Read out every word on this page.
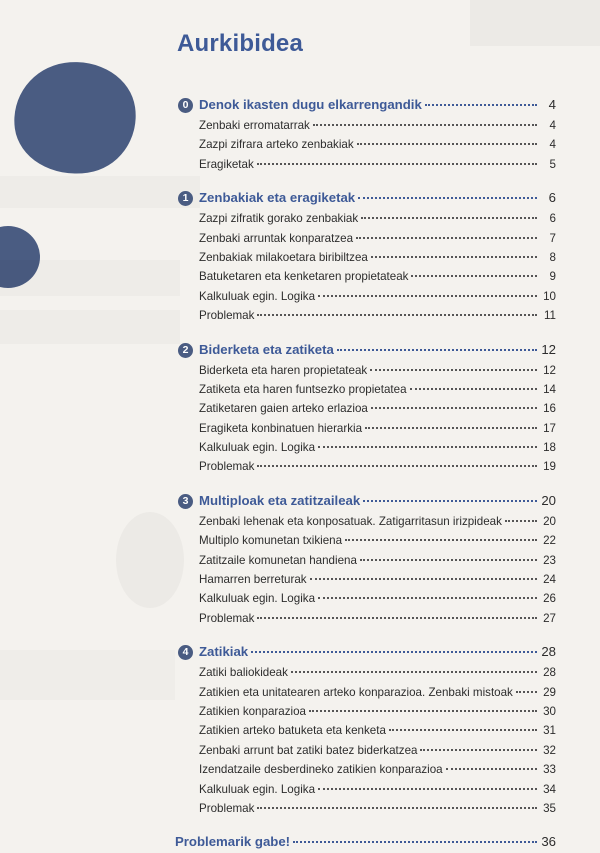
Aurkibidea
0 Denok ikasten dugu elkarrengandik	4
Zenbaki erromatarrak	4
Zazpi zifrara arteko zenbakiak	4
Eragiketak	5
1 Zenbakiak eta eragiketak	6
Zazpi zifratik gorako zenbakiak	6
Zenbaki arruntak konparatzea	7
Zenbakiak milakoetara biribiltzea	8
Batuketaren eta kenketaren propietateak	9
Kalkuluak egin. Logika	10
Problemak	11
2 Biderketa eta zatiketa	12
Biderketa eta haren propietateak	12
Zatiketa eta haren funtsezko propietatea	14
Zatiketaren gaien arteko erlazioa	16
Eragiketa konbinatuen hierarkia	17
Kalkuluak egin. Logika	18
Problemak	19
3 Multiploak eta zatitzaileak	20
Zenbaki lehenak eta konposatuak. Zatigarritasun irizpideak	20
Multiplo komunetan txikiena	22
Zatitzaile komunetan handiena	23
Hamarren berreturak	24
Kalkuluak egin. Logika	26
Problemak	27
4 Zatikiak	28
Zatiki baliokideak	28
Zatikien eta unitatearen arteko konparazioa. Zenbaki mistoak	29
Zatikien konparazioa	30
Zatikien arteko batuketa eta kenketa	31
Zenbaki arrunt bat zatiki batez biderkatzea	32
Izendatzaile desberdineko zatikien konparazioa	33
Kalkuluak egin. Logika	34
Problemak	35
Problemarik gabe!	36
